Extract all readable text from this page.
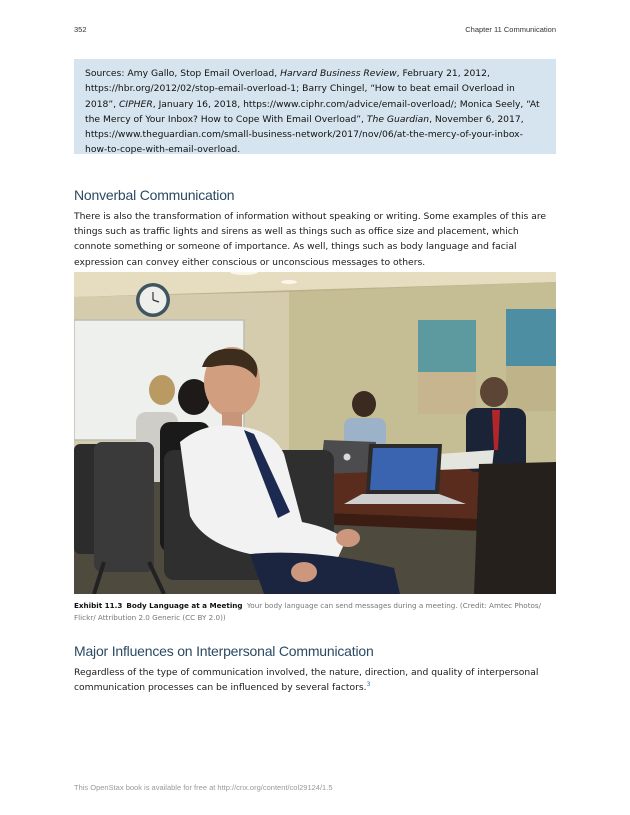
352	Chapter 11 Communication
Sources: Amy Gallo, Stop Email Overload, Harvard Business Review, February 21, 2012, https://hbr.org/2012/02/stop-email-overload-1; Barry Chingel, “How to beat email Overload in 2018”, CIPHER, January 16, 2018, https://www.ciphr.com/advice/email-overload/; Monica Seely, “At the Mercy of Your Inbox? How to Cope With Email Overload”, The Guardian, November 6, 2017, https://www.theguardian.com/small-business-network/2017/nov/06/at-the-mercy-of-your-inbox-how-to-cope-with-email-overload.
Nonverbal Communication
There is also the transformation of information without speaking or writing. Some examples of this are things such as traffic lights and sirens as well as things such as office size and placement, which connote something or someone of importance. As well, things such as body language and facial expression can convey either conscious or unconscious messages to others.
Exhibit 11.3 Body Language at a Meeting Your body language can send messages during a meeting. (Credit: Amtec Photos/ Flickr/ Attribution 2.0 Generic (CC BY 2.0))
Major Influences on Interpersonal Communication
Regardless of the type of communication involved, the nature, direction, and quality of interpersonal communication processes can be influenced by several factors.$^3$
This OpenStax book is available for free at http://cnx.org/content/col29124/1.5
